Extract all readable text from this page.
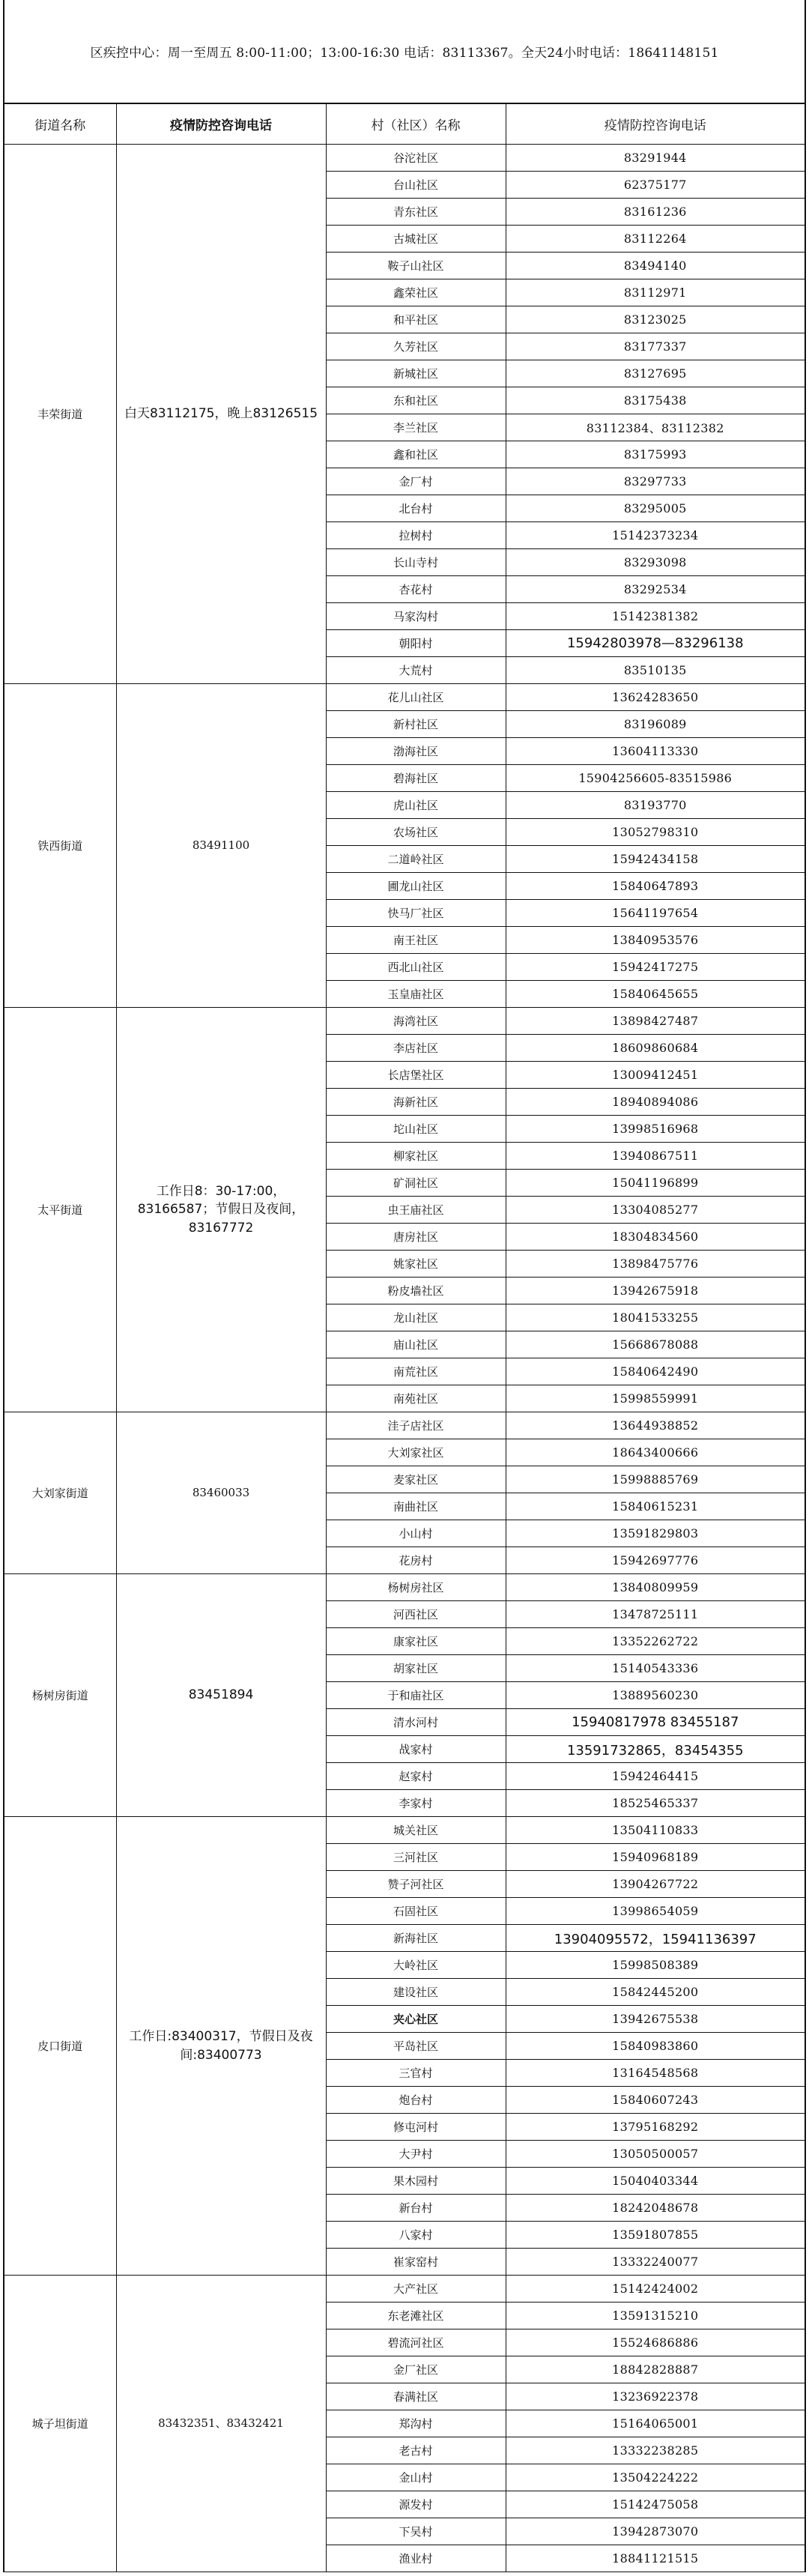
区疾控中心：周一至周五 8:00-11:00；13:00-16:30 电话：83113367。全天24小时电话：18641148151
街道名称	疫情防控咨询电话	村（社区）名称	疫情防控咨询电话
丰荣街道	白天83112175，晚上83126515	谷沱社区	83291944
		台山社区	62375177
		青东社区	83161236
		古城社区	83112264
		鞍子山社区	83494140
		鑫荣社区	83112971
		和平社区	83123025
		久芳社区	83177337
		新城社区	83127695
		东和社区	83175438
		李兰社区	83112384、83112382
		鑫和社区	83175993
		金厂村	83297733
		北台村	83295005
		拉树村	15142373234
		长山寺村	83293098
		杏花村	83292534
		马家沟村	15142381382
		朝阳村	15942803978—83296138
		大荒村	83510135
铁西街道	83491100	花儿山社区	13624283650
		新村社区	83196089
		渤海社区	13604113330
		碧海社区	15904256605-83515986
		虎山社区	83193770
		农场社区	13052798310
		二道岭社区	15942434158
		圃龙山社区	15840647893
		快马厂社区	15641197654
		南王社区	13840953576
		西北山社区	15942417275
		玉皇庙社区	15840645655
太平街道	工作日8：30-17:00，83166587；节假日及夜间，83167772	海湾社区	13898427487
		李店社区	18609860684
		长店堡社区	13009412451
		海新社区	18940894086
		坨山社区	13998516968
		柳家社区	13940867511
		矿洞社区	15041196899
		虫王庙社区	13304085277
		唐房社区	18304834560
		姚家社区	13898475776
		粉皮墙社区	13942675918
		龙山社区	18041533255
		庙山社区	15668678088
		南荒社区	15840642490
		南苑社区	15998559991
大刘家街道	83460033	洼子店社区	13644938852
		大刘家社区	18643400666
		麦家社区	15998885769
		南曲社区	15840615231
		小山村	13591829803
		花房村	15942697776
杨树房街道	83451894	杨树房社区	13840809959
		河西社区	13478725111
		康家社区	13352262722
		胡家社区	15140543336
		于和庙社区	13889560230
		清水河村	15940817978 83455187
		战家村	13591732865，83454355
		赵家村	15942464415
		李家村	18525465337
皮口街道	工作日:83400317，节假日及夜间:83400773	城关社区	13504110833
		三河社区	15940968189
		赞子河社区	13904267722
		石固社区	13998654059
		新海社区	13904095572，15941136397
		大岭社区	15998508389
		建设社区	15842445200
		夹心社区	13942675538
		平岛社区	15840983860
		三官村	13164548568
		炮台村	15840607243
		修屯河村	13795168292
		大尹村	13050500057
		果木园村	15040403344
		新台村	18242048678
		八家村	13591807855
		崔家窑村	13332240077
城子坦街道	83432351、83432421	大产社区	15142424002
		东老滩社区	13591315210
		碧流河社区	15524686886
		金厂社区	18842828887
		春满社区	13236922378
		郑沟村	15164065001
		老古村	13332238285
		金山村	13504224222
		源发村	15142475058
		下吴村	13942873070
		渔业村	18841121515
